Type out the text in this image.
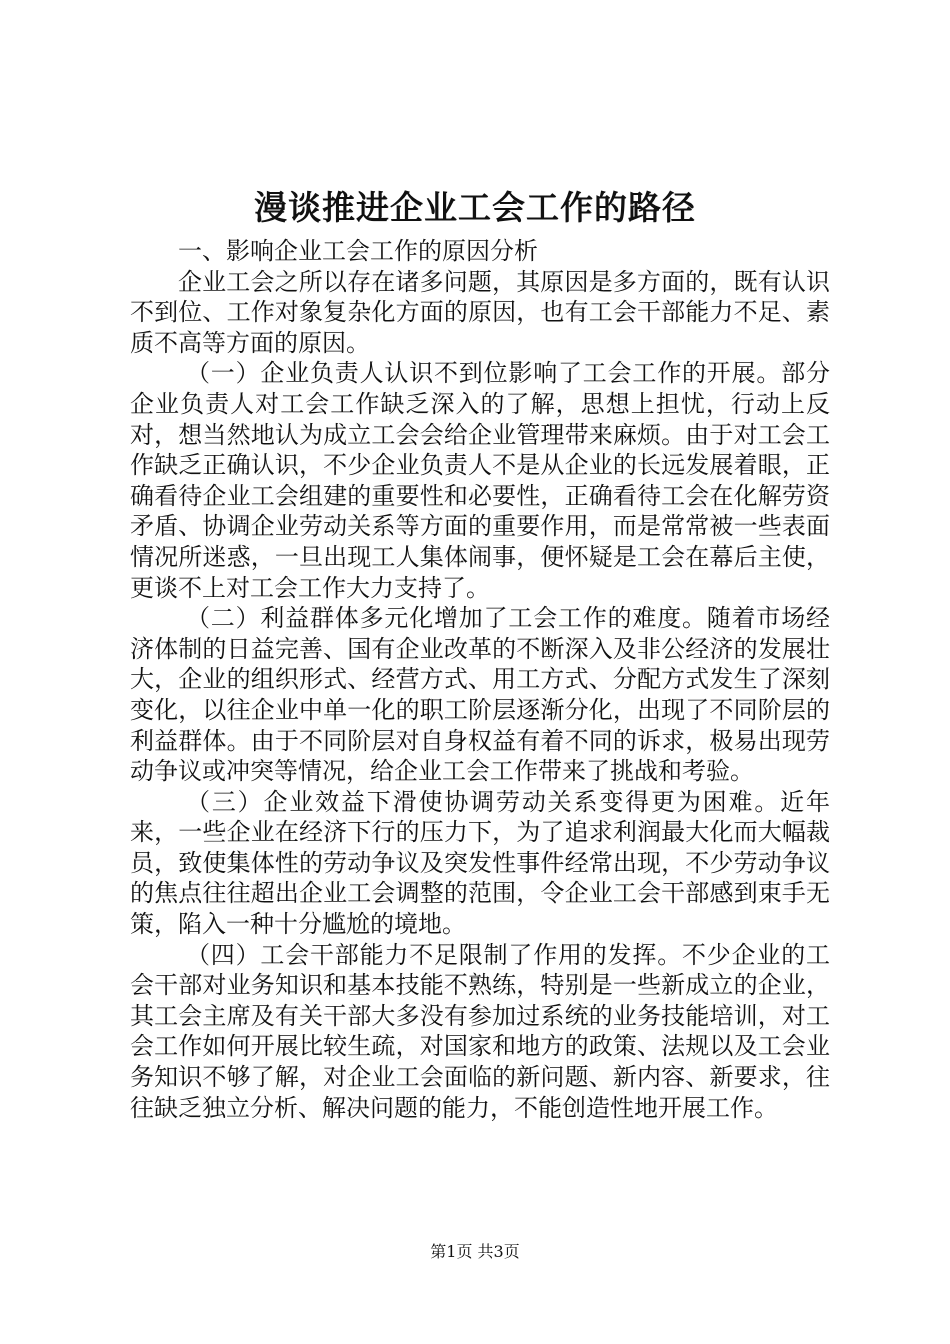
漫谈推进企业工会工作的路径

一、影响企业工会工作的原因分析

企业工会之所以存在诸多问题，其原因是多方面的，既有认识不到位、工作对象复杂化方面的原因，也有工会干部能力不足、素质不高等方面的原因。

（一）企业负责人认识不到位影响了工会工作的开展。部分企业负责人对工会工作缺乏深入的了解，思想上担忧，行动上反对，想当然地认为成立工会会给企业管理带来麻烦。由于对工会工作缺乏正确认识，不少企业负责人不是从企业的长远发展着眼，正确看待企业工会组建的重要性和必要性，正确看待工会在化解劳资矛盾、协调企业劳动关系等方面的重要作用，而是常常被一些表面情况所迷惑，一旦出现工人集体闹事，便怀疑是工会在幕后主使，更谈不上对工会工作大力支持了。

（二）利益群体多元化增加了工会工作的难度。随着市场经济体制的日益完善、国有企业改革的不断深入及非公经济的发展壮大，企业的组织形式、经营方式、用工方式、分配方式发生了深刻变化，以往企业中单一化的职工阶层逐渐分化，出现了不同阶层的利益群体。由于不同阶层对自身权益有着不同的诉求，极易出现劳动争议或冲突等情况，给企业工会工作带来了挑战和考验。

（三）企业效益下滑使协调劳动关系变得更为困难。近年来，一些企业在经济下行的压力下，为了追求利润最大化而大幅裁员，致使集体性的劳动争议及突发性事件经常出现，不少劳动争议的焦点往往超出企业工会调整的范围，令企业工会干部感到束手无策，陷入一种十分尴尬的境地。

（四）工会干部能力不足限制了作用的发挥。不少企业的工会干部对业务知识和基本技能不熟练，特别是一些新成立的企业，其工会主席及有关干部大多没有参加过系统的业务技能培训，对工会工作如何开展比较生疏，对国家和地方的政策、法规以及工会业务知识不够了解，对企业工会面临的新问题、新内容、新要求，往往缺乏独立分析、解决问题的能力，不能创造性地开展工作。

第1页 共3页
